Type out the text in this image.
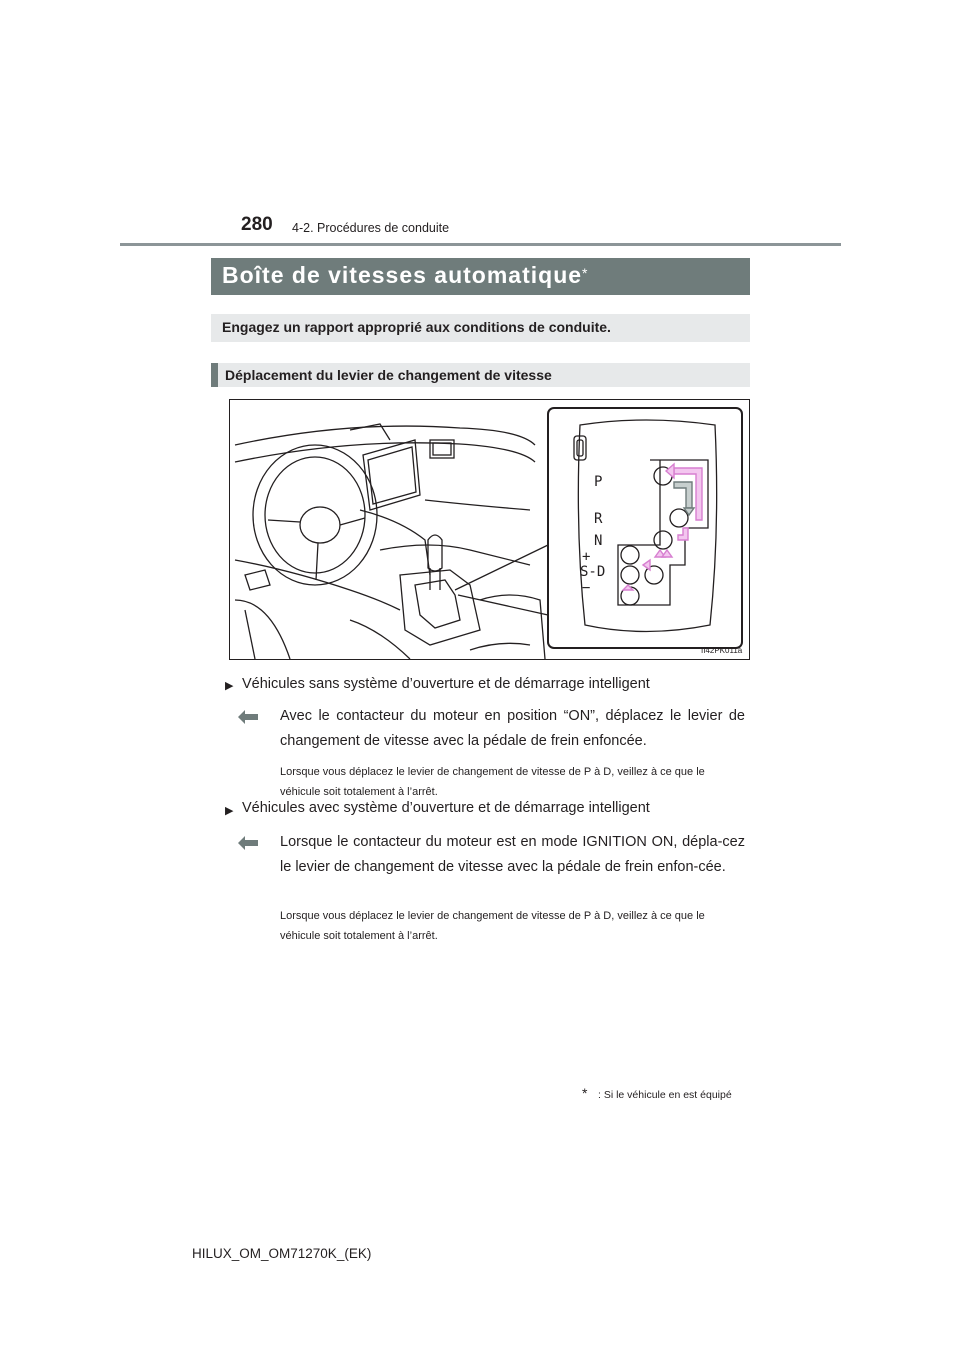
280 4-2. Procédures de conduite
Boîte de vitesses automatique *
Engagez un rapport approprié aux conditions de conduite.
Déplacement du levier de changement de vitesse
P
R
N
+
S-D
−
II42PK011a
▶ Véhicules sans système d’ouverture et de démarrage intelligent
Avec le contacteur du moteur en position “ON”, déplacez le levier de changement de vitesse avec la pédale de frein enfoncée.
Lorsque vous déplacez le levier de changement de vitesse de P à D, veillez à ce que le véhicule soit totalement à l’arrêt.
▶ Véhicules avec système d’ouverture et de démarrage intelligent
Lorsque le contacteur du moteur est en mode IGNITION ON, dépla-cez le levier de changement de vitesse avec la pédale de frein enfon-cée.
Lorsque vous déplacez le levier de changement de vitesse de P à D, veillez à ce que le véhicule soit totalement à l’arrêt.
* : Si le véhicule en est équipé
HILUX_OM_OM71270K_(EK)
